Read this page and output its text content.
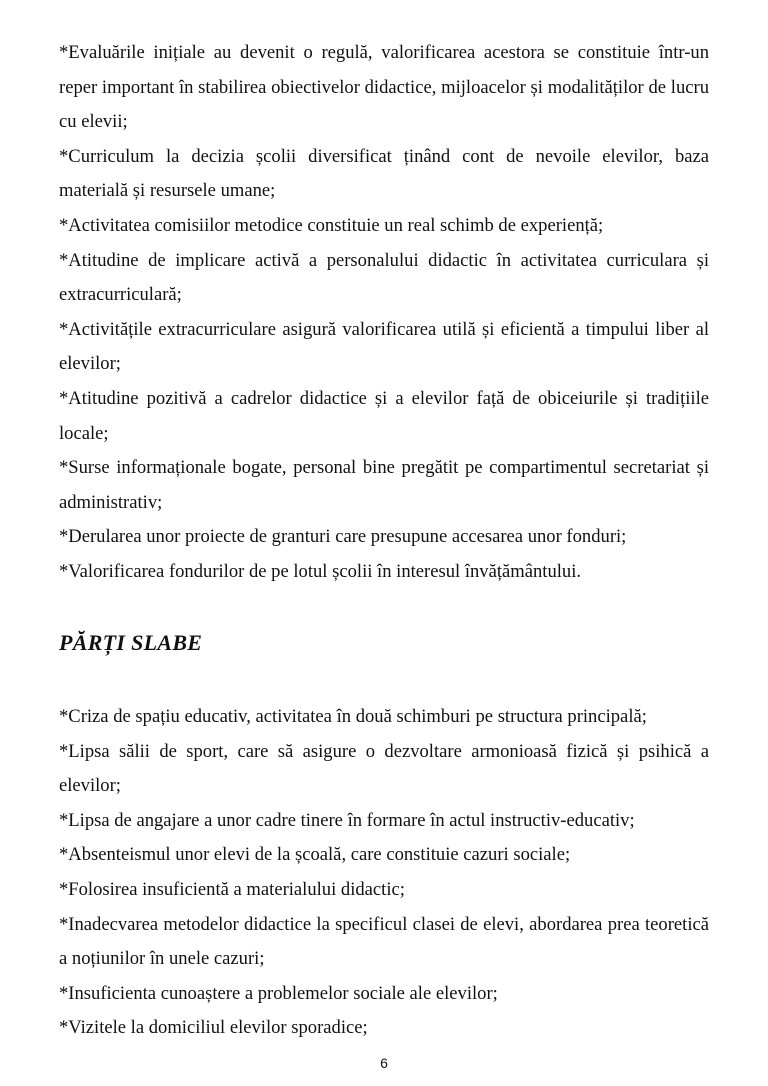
*Evaluările inițiale au devenit o regulă, valorificarea acestora se constituie într-un reper important în stabilirea obiectivelor didactice, mijloacelor și modalităților de lucru cu elevii;

*Curriculum la decizia școlii diversificat ținând cont de nevoile elevilor, baza materială și resursele umane;

*Activitatea comisiilor metodice constituie un real schimb de experiență;

*Atitudine de implicare activă a personalului didactic în activitatea curriculara și extracurriculară;

*Activitățile extracurriculare asigură valorificarea utilă și eficientă a timpului liber al elevilor;

*Atitudine pozitivă a cadrelor didactice și a elevilor față de obiceiurile și tradițiile locale;

*Surse informaționale bogate, personal bine pregătit pe compartimentul secretariat și administrativ;

*Derularea unor proiecte de granturi care presupune accesarea unor fonduri;

*Valorificarea fondurilor de pe lotul școlii în interesul învățământului.

PĂRȚI SLABE

*Criza de spațiu educativ, activitatea în două schimburi pe structura principală;

*Lipsa sălii de sport, care să asigure o dezvoltare armonioasă fizică și psihică a elevilor;

*Lipsa de angajare a unor cadre tinere în formare în actul instructiv-educativ;

*Absenteismul unor elevi de la școală, care constituie cazuri sociale;

*Folosirea insuficientă a materialului didactic;

*Inadecvarea metodelor didactice la specificul clasei de elevi, abordarea prea teoretică a noțiunilor în unele cazuri;

*Insuficienta cunoaștere a problemelor sociale ale elevilor;

*Vizitele la domiciliul elevilor sporadice;

6
